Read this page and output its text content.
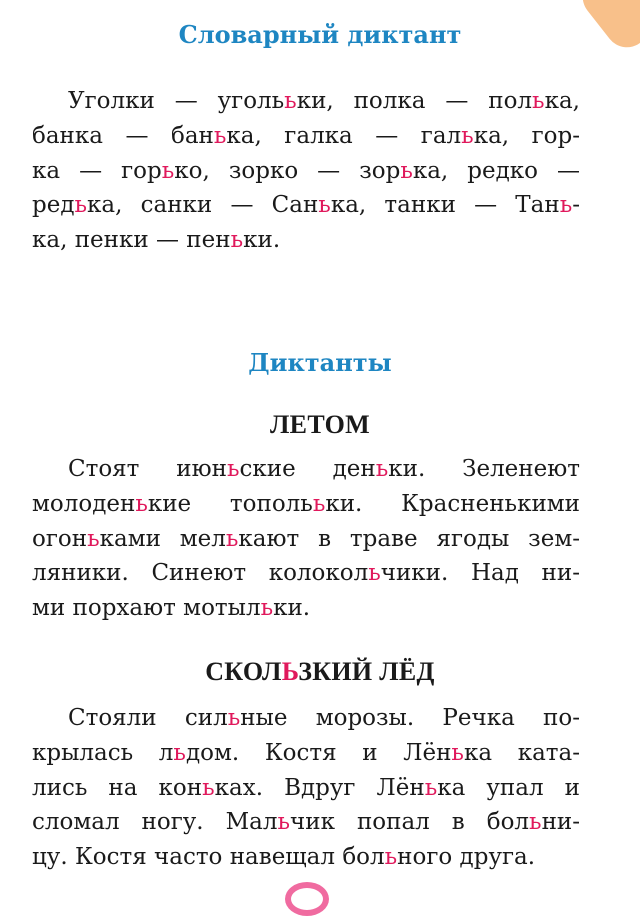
Словарный диктант
Уголки — уголььки, полка — полька,
банка — банька, галка — галька, гор-
ка — горько, зорко — зорька, редко —
редька, санки — Санька, танки — Тань-
ка, пенки — пеньки.
Диктанты
ЛЕТОМ
Стоят июньские деньки. Зеленеют
молоденькие тополььки. Красненькими
огоньками мелькают в траве ягоды зем-
ляники. Синеют колокольчики. Над ни-
ми порхают мотыльки.
СКОЛЬЗКИЙ ЛЁД
Стояли сильные морозы. Речка по-
крылась льдом. Костя и Лёнька ката-
лись на коньках. Вдруг Лёнька упал и
сломал ногу. Мальчик попал в больни-
цу. Костя часто навещал больного друга.
